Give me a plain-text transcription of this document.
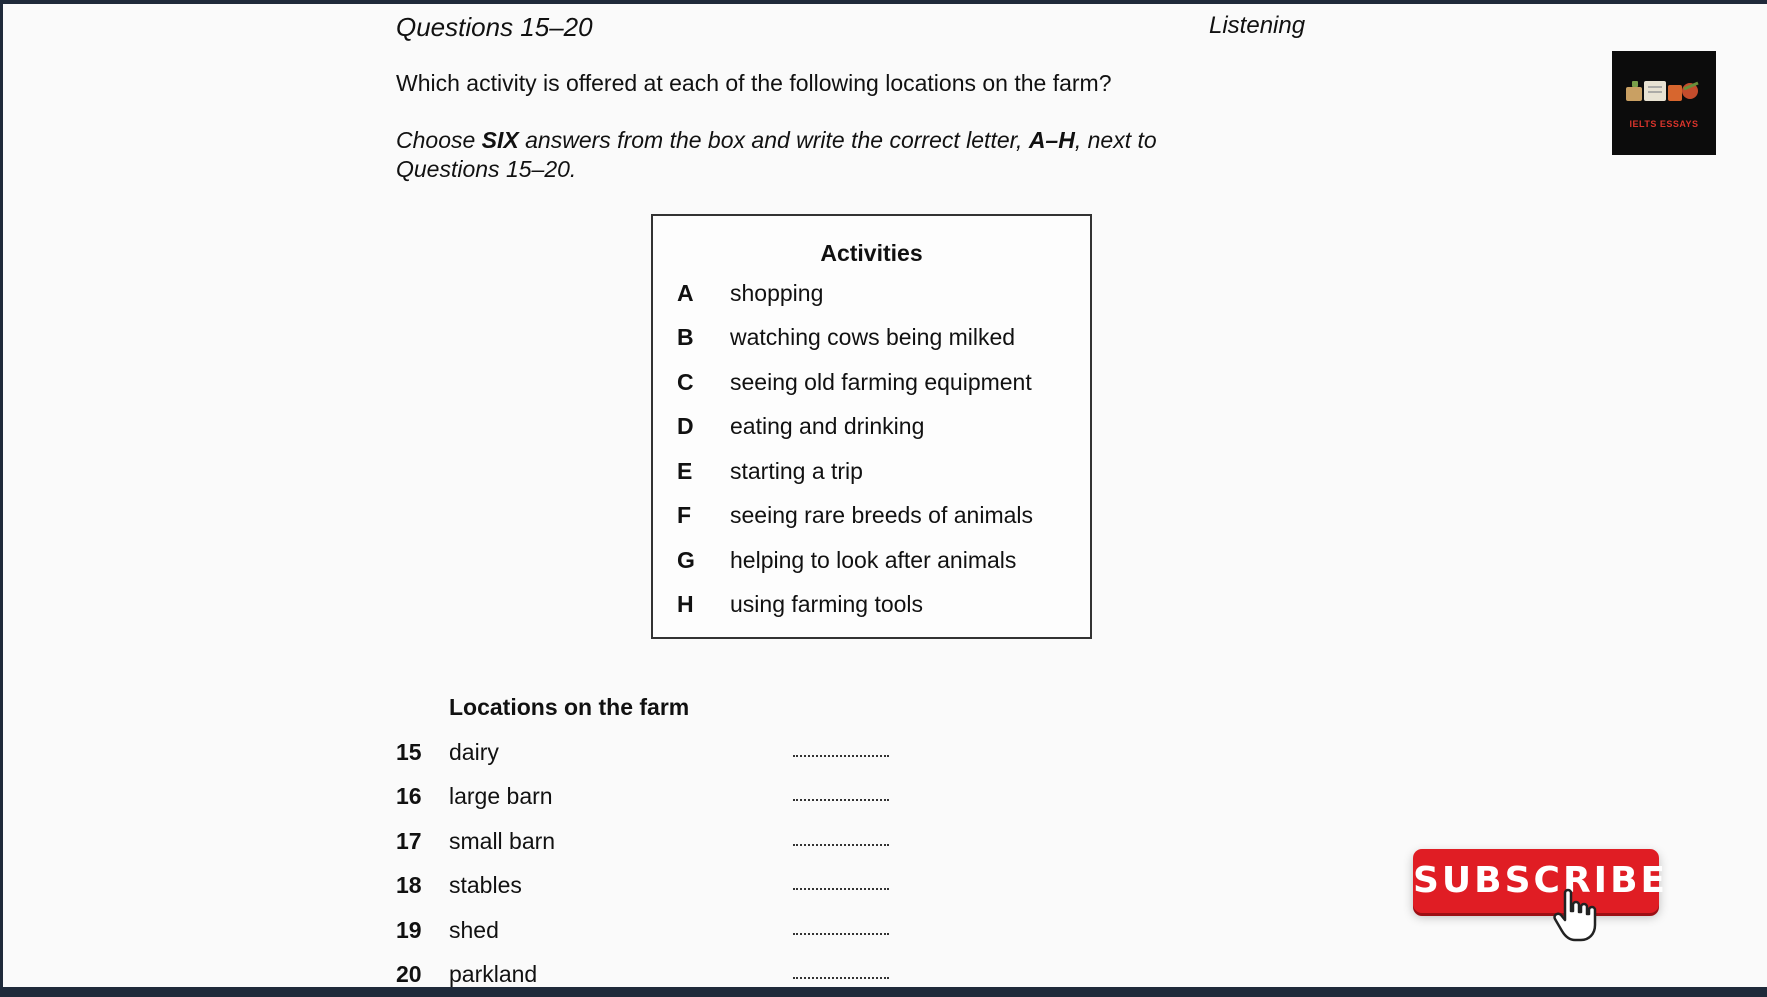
Questions 15–20	Listening
Which activity is offered at each of the following locations on the farm?
Choose SIX answers from the box and write the correct letter, A–H, next to Questions 15–20.
Activities
A shopping
B watching cows being milked
C seeing old farming equipment
D eating and drinking
E starting a trip
F seeing rare breeds of animals
G helping to look after animals
H using farming tools
Locations on the farm
15 dairy
16 large barn
17 small barn
18 stables
19 shed
20 parkland
IELTS ESSAYS
SUBSCRIBE
